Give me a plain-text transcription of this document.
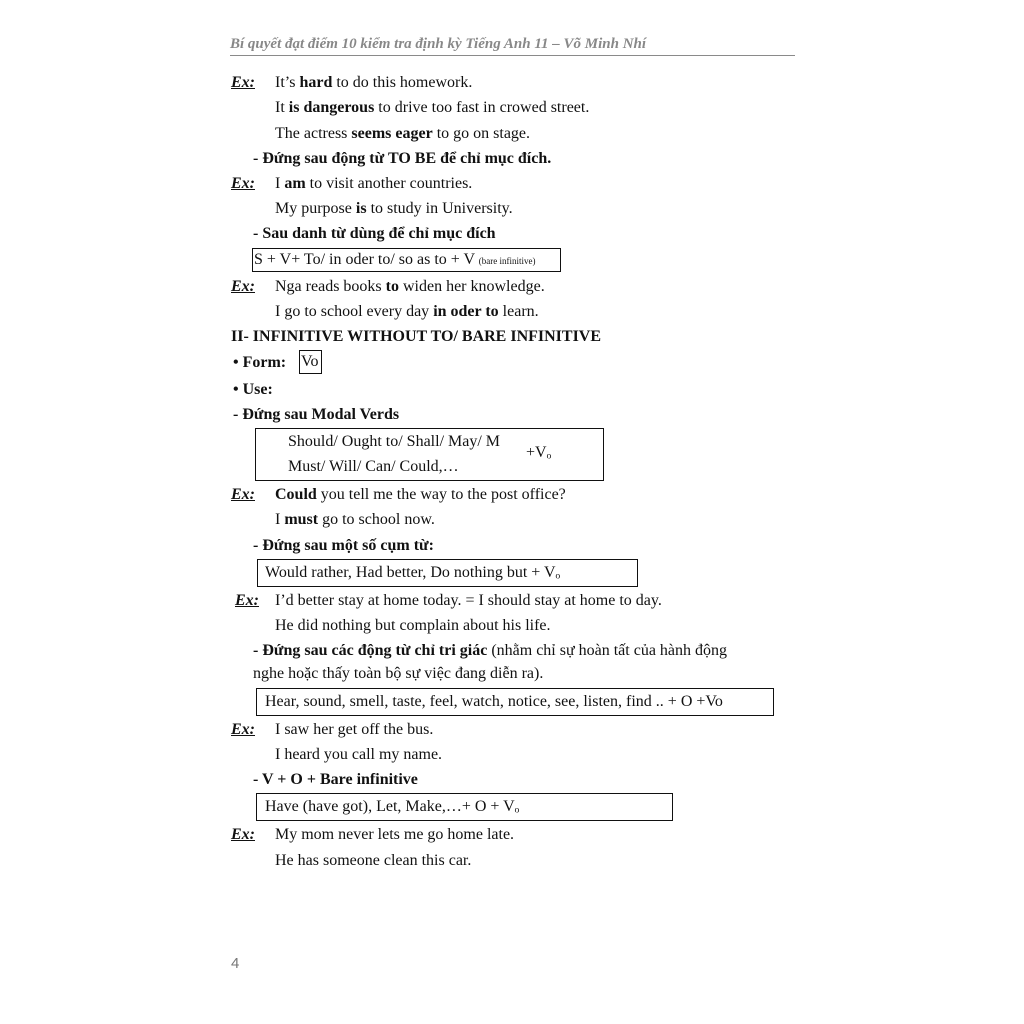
Bí quyết đạt điểm 10 kiểm tra định kỳ Tiếng Anh 11 – Võ Minh Nhí
Ex: It’s hard to do this homework.
It is dangerous to drive too fast in crowed street.
The actress seems eager to go on stage.
- Đứng sau động từ TO BE để chỉ mục đích.
Ex: I am to visit another countries.
My purpose is to study in University.
- Sau danh từ dùng để chỉ mục đích
S + V+ To/ in oder to/ so as to + V (bare infinitive)
Ex: Nga reads books to widen her knowledge.
I go to school every day in oder to learn.
II- INFINITIVE WITHOUT TO/ BARE INFINITIVE
• Form: Vo
• Use:
- Đứng sau Modal Verds
Should/ Ought to/ Shall/ May/ M
Must/ Will/ Can/ Could,…
+Vₒ
Ex: Could you tell me the way to the post office?
I must go to school now.
- Đứng sau một số cụm từ:
Would rather, Had better, Do nothing but + Vₒ
Ex: I’d better stay at home today. = I should stay at home to day.
He did nothing but complain about his life.
- Đứng sau các động từ chỉ tri giác (nhằm chỉ sự hoàn tất của hành động
nghe hoặc thấy toàn bộ sự việc đang diễn ra).
Hear, sound, smell, taste, feel, watch, notice, see, listen, find .. + O +Vo
Ex: I saw her get off the bus.
I heard you call my name.
- V + O + Bare infinitive
Have (have got), Let, Make,…+ O + Vₒ
Ex: My mom never lets me go home late.
He has someone clean this car.
4
